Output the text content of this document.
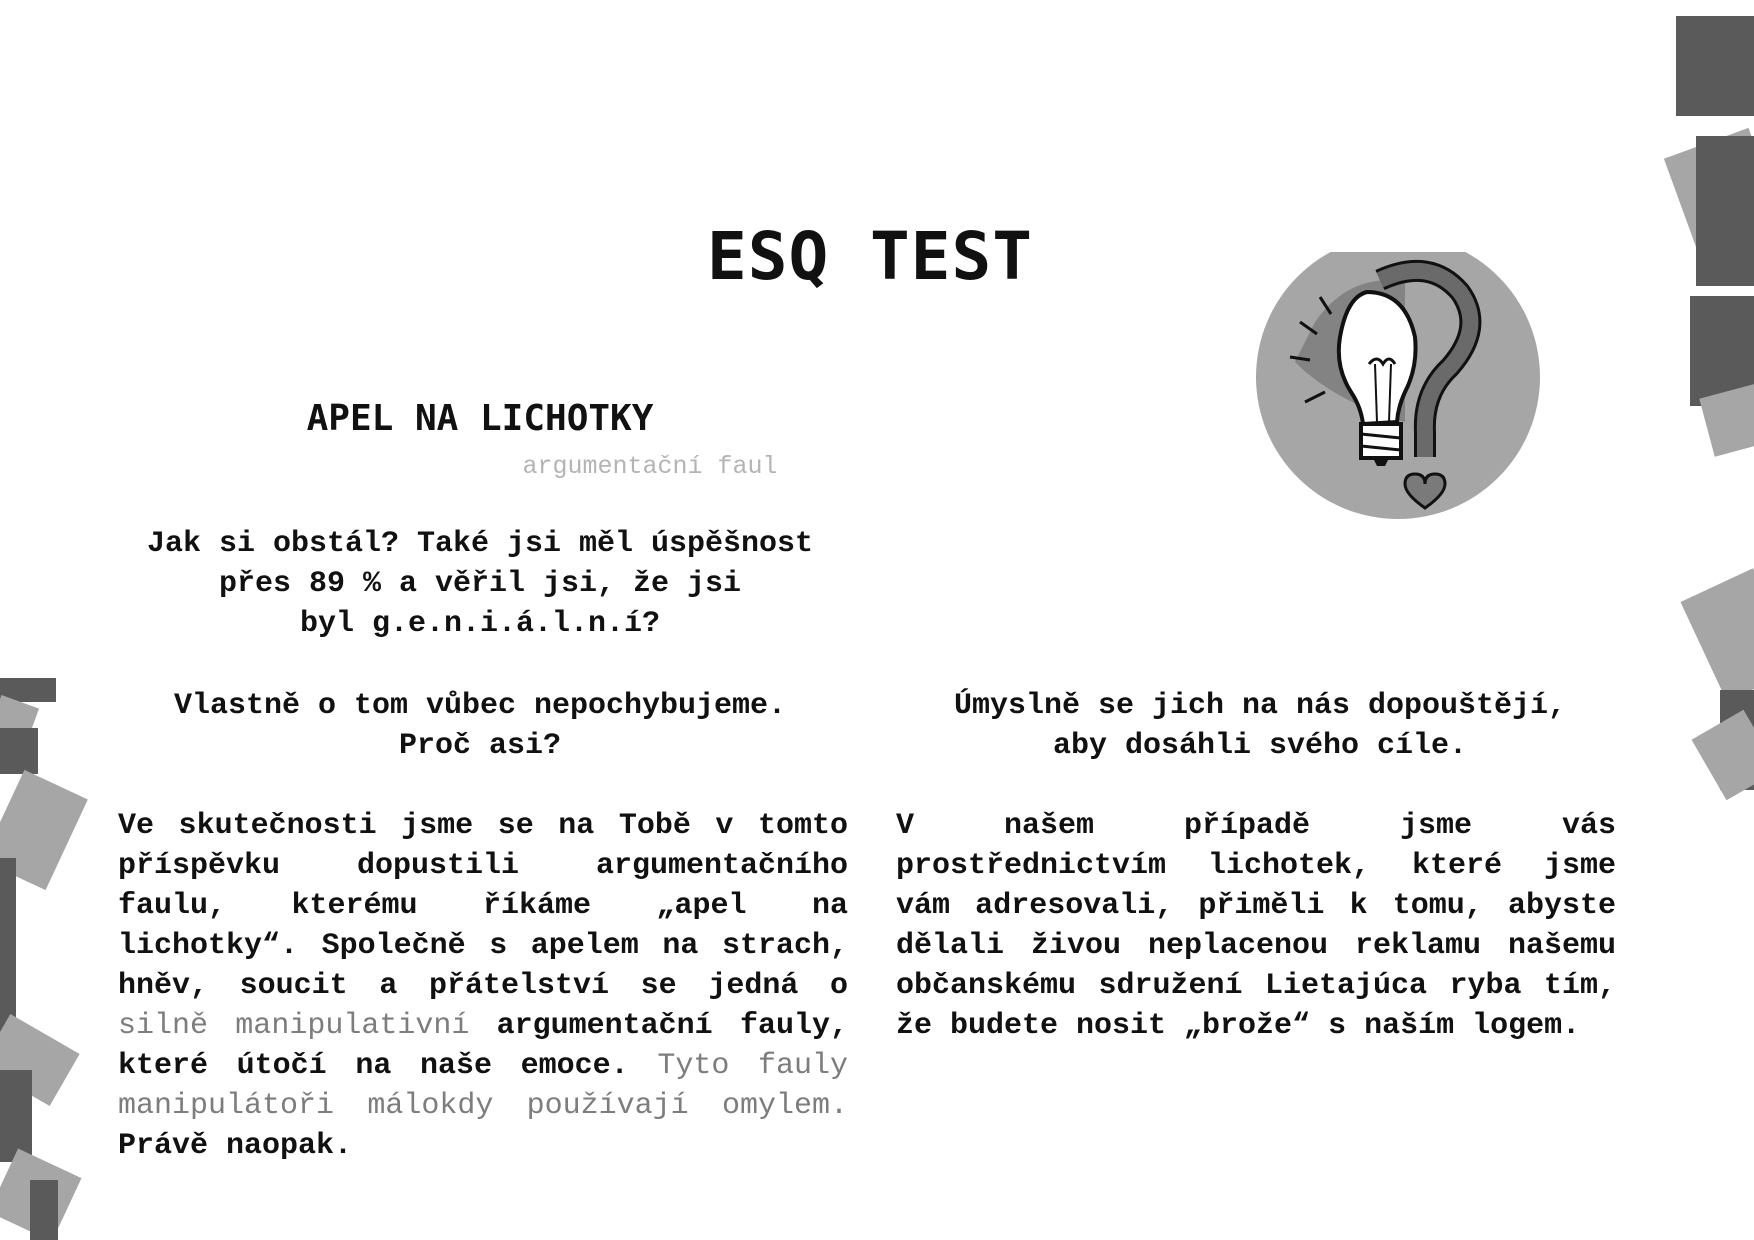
ESQ TEST
APEL NA LICHOTKY
argumentační faul
Jak si obstál? Také jsi měl úspěšnost
přes 89 % a věřil jsi, že jsi
byl g.e.n.i.á.l.n.í?
Vlastně o tom vůbec nepochybujeme.
Proč asi?
Úmyslně se jich na nás dopouštějí,
aby dosáhli svého cíle.
Ve skutečnosti jsme se na Tobě v tomto příspěvku dopustili argumentačního faulu, kterému říkáme „apel na lichotky“. Společně s apelem na strach, hněv, soucit a přátelství se jedná o silně manipulativní argumentační fauly, které útočí na naše emoce. Tyto fauly manipulátoři málokdy používají omylem. Právě naopak.
V našem případě jsme vás prostřednictvím lichotek, které jsme vám adresovali, přiměli k tomu, abyste dělali živou neplacenou reklamu našemu občanskému sdružení Lietajúca ryba tím, že budete nosit „brože“ s naším logem.
